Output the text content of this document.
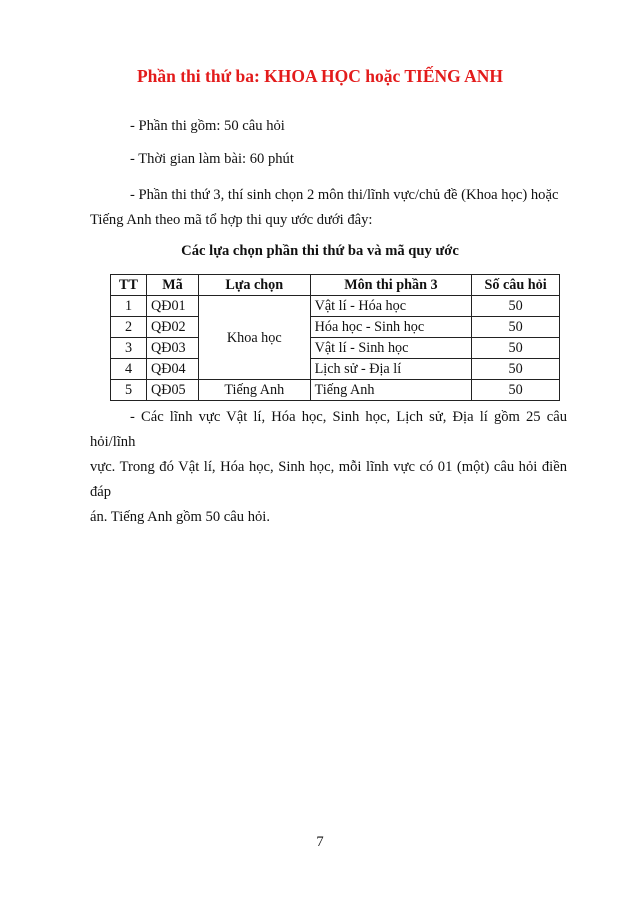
Phần thi thứ ba: KHOA HỌC hoặc TIẾNG ANH
- Phần thi gồm: 50 câu hỏi
- Thời gian làm bài: 60 phút
- Phần thi thứ 3, thí sinh chọn 2 môn thi/lĩnh vực/chủ đề (Khoa học) hoặc
Tiếng Anh theo mã tổ hợp thi quy ước dưới đây:
Các lựa chọn phần thi thứ ba và mã quy ước
TT	Mã	Lựa chọn	Môn thi phần 3	Số câu hỏi
1	QĐ01	Khoa học	Vật lí - Hóa học	50
2	QĐ02		Hóa học - Sinh học	50
3	QĐ03		Vật lí - Sinh học	50
4	QĐ04		Lịch sử - Địa lí	50
5	QĐ05	Tiếng Anh	Tiếng Anh	50
- Các lĩnh vực Vật lí, Hóa học, Sinh học, Lịch sử, Địa lí gồm 25 câu hỏi/lĩnh
vực. Trong đó Vật lí, Hóa học, Sinh học, mỗi lĩnh vực có 01 (một) câu hỏi điền đáp
án. Tiếng Anh gồm 50 câu hỏi.
7
